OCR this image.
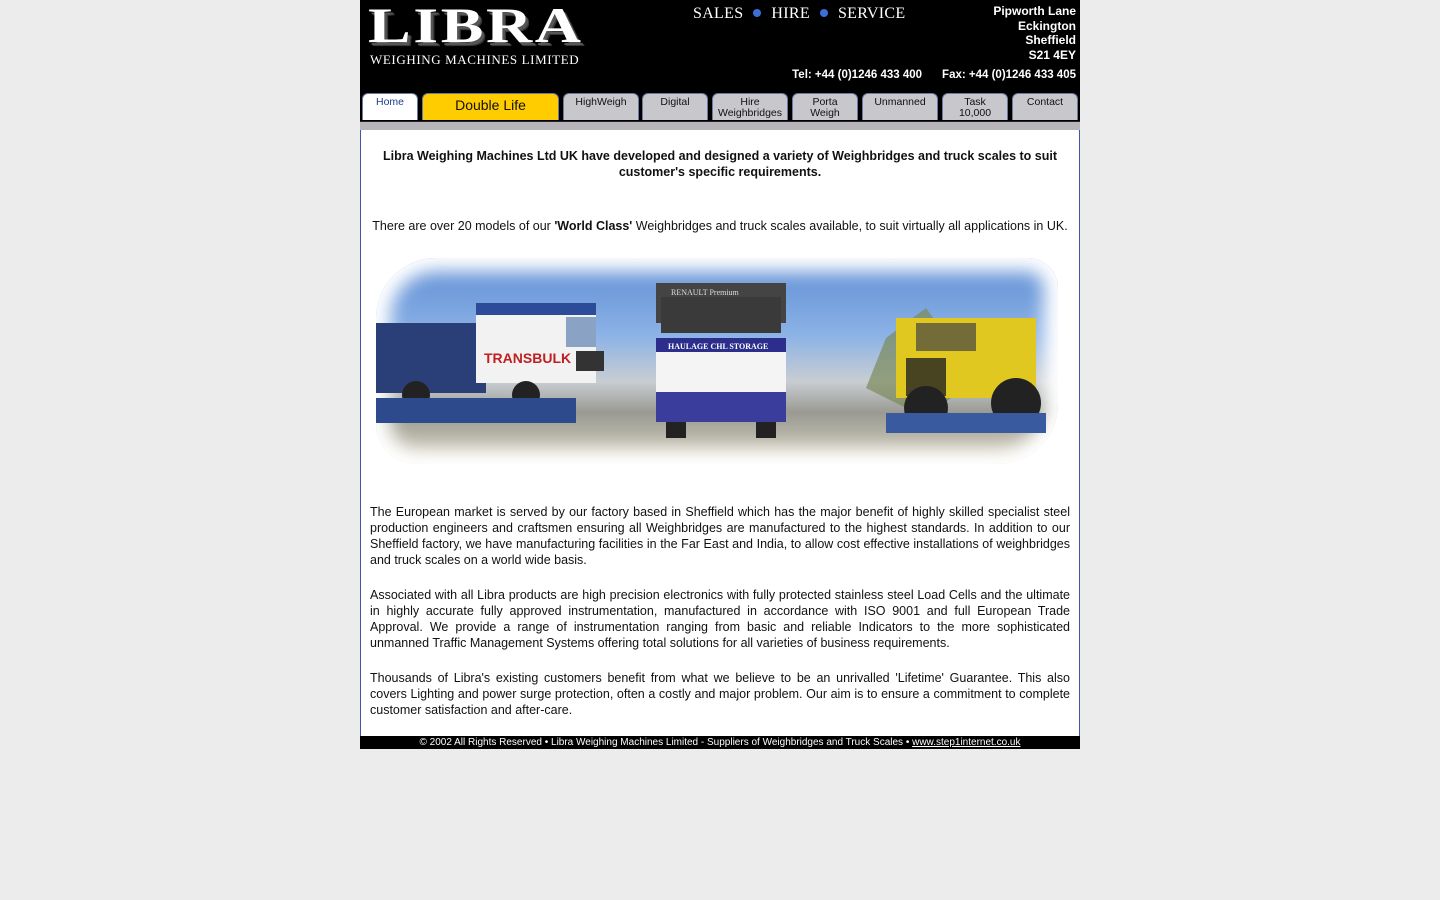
LIBRA
WEIGHING MACHINES LIMITED
SALES HIRE SERVICE	Pipworth Lane
Eckington
Sheffield
S21 4EY
Tel: +44 (0)1246 433 400 Fax: +44 (0)1246 433 405
Home	Double Life	HighWeigh	Digital	Hire
Weighbridges
Porta
Weigh
Unmanned	Task
10,000
Contact

Libra Weighing Machines Ltd UK have developed and designed a variety of Weighbridges and truck scales to suit customer's specific requirements.

There are over 20 models of our 'World Class' Weighbridges and truck scales available, to suit virtually all applications in UK.

TRANSBULK
RENAULT Premium
HAULAGE CHL STORAGE

The European market is served by our factory based in Sheffield which has the major benefit of highly skilled specialist steel production engineers and craftsmen ensuring all Weighbridges are manufactured to the highest standards. In addition to our Sheffield factory, we have manufacturing facilities in the Far East and India, to allow cost effective installations of weighbridges and truck scales on a world wide basis.

Associated with all Libra products are high precision electronics with fully protected stainless steel Load Cells and the ultimate in highly accurate fully approved instrumentation, manufactured in accordance with ISO 9001 and full European Trade Approval. We provide a range of instrumentation ranging from basic and reliable Indicators to the more sophisticated unmanned Traffic Management Systems offering total solutions for all varieties of business requirements.

Thousands of Libra's existing customers benefit from what we believe to be an unrivalled 'Lifetime' Guarantee. This also covers Lighting and power surge protection, often a costly and major problem. Our aim is to ensure a commitment to complete customer satisfaction and after-care.

© 2002 All Rights Reserved • Libra Weighing Machines Limited - Suppliers of Weighbridges and Truck Scales • www.step1internet.co.uk
